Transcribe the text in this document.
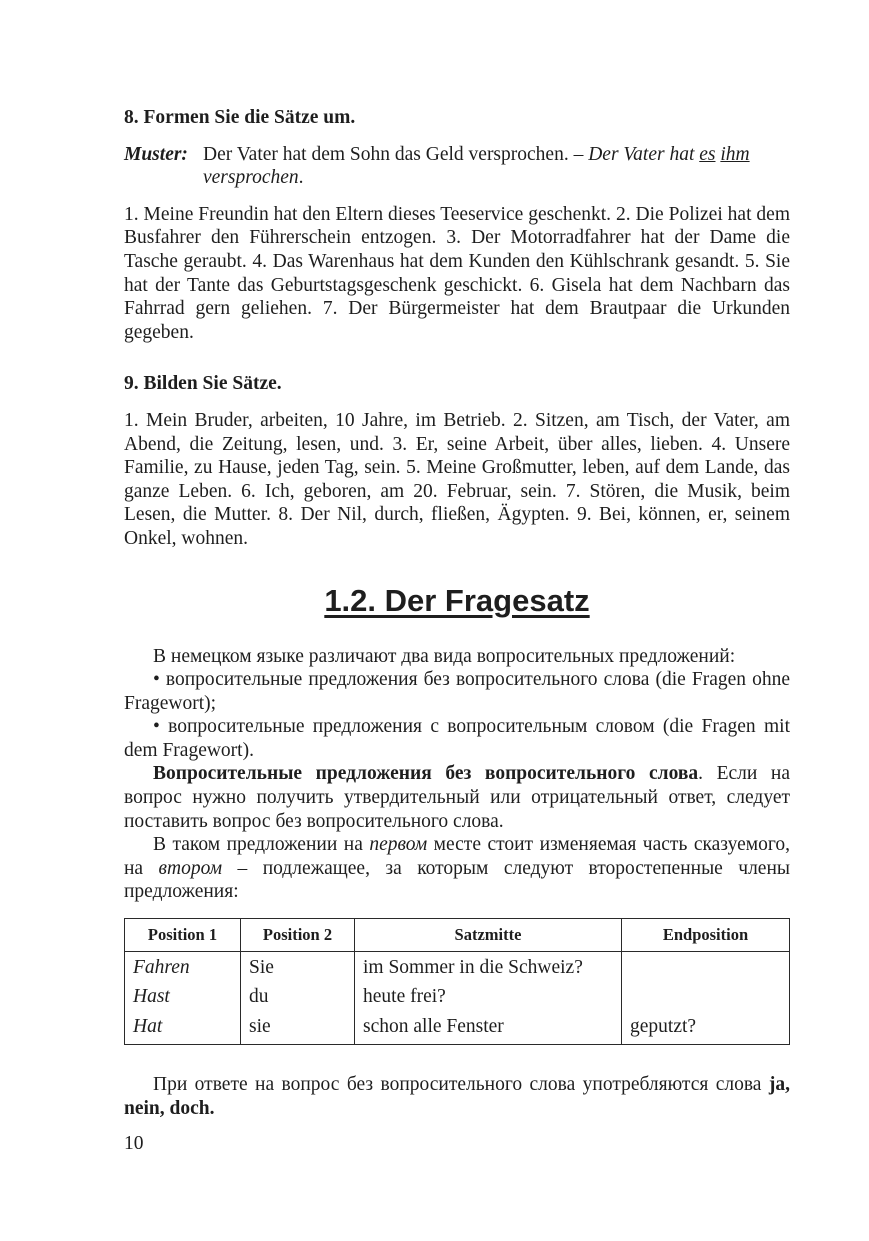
8. Formen Sie die Sätze um.

Muster: Der Vater hat dem Sohn das Geld versprochen. – Der Vater hat es ihm versprochen.

1. Meine Freundin hat den Eltern dieses Teeservice geschenkt. 2. Die Polizei hat dem Busfahrer den Führerschein entzogen. 3. Der Motorradfahrer hat der Dame die Tasche geraubt. 4. Das Warenhaus hat dem Kunden den Kühlschrank gesandt. 5. Sie hat der Tante das Geburtstagsgeschenk geschickt. 6. Gisela hat dem Nachbarn das Fahrrad gern geliehen. 7. Der Bürgermeister hat dem Brautpaar die Urkunden gegeben.

9. Bilden Sie Sätze.

1. Mein Bruder, arbeiten, 10 Jahre, im Betrieb. 2. Sitzen, am Tisch, der Vater, am Abend, die Zeitung, lesen, und. 3. Er, seine Arbeit, über alles, lieben. 4. Unsere Familie, zu Hause, jeden Tag, sein. 5. Meine Großmutter, leben, auf dem Lande, das ganze Leben. 6. Ich, geboren, am 20. Februar, sein. 7. Stören, die Musik, beim Lesen, die Mutter. 8. Der Nil, durch, fließen, Ägypten. 9. Bei, können, er, seinem Onkel, wohnen.

1.2. Der Fragesatz

В немецком языке различают два вида вопросительных предложений:

• вопросительные предложения без вопросительного слова (die Fragen ohne Fragewort);

• вопросительные предложения с вопросительным словом (die Fragen mit dem Fragewort).

Вопросительные предложения без вопросительного слова. Если на вопрос нужно получить утвердительный или отрицательный ответ, следует поставить вопрос без вопросительного слова.

В таком предложении на первом месте стоит изменяемая часть сказуемого, на втором – подлежащее, за которым следуют второстепенные члены предложения:

Position 1	Position 2	Satzmitte	Endposition
Fahren	Sie	im Sommer in die Schweiz?	
Hast	du	heute frei?	
Hat	sie	schon alle Fenster	geputzt?

При ответе на вопрос без вопросительного слова употребляются слова ja, nein, doch.

10
